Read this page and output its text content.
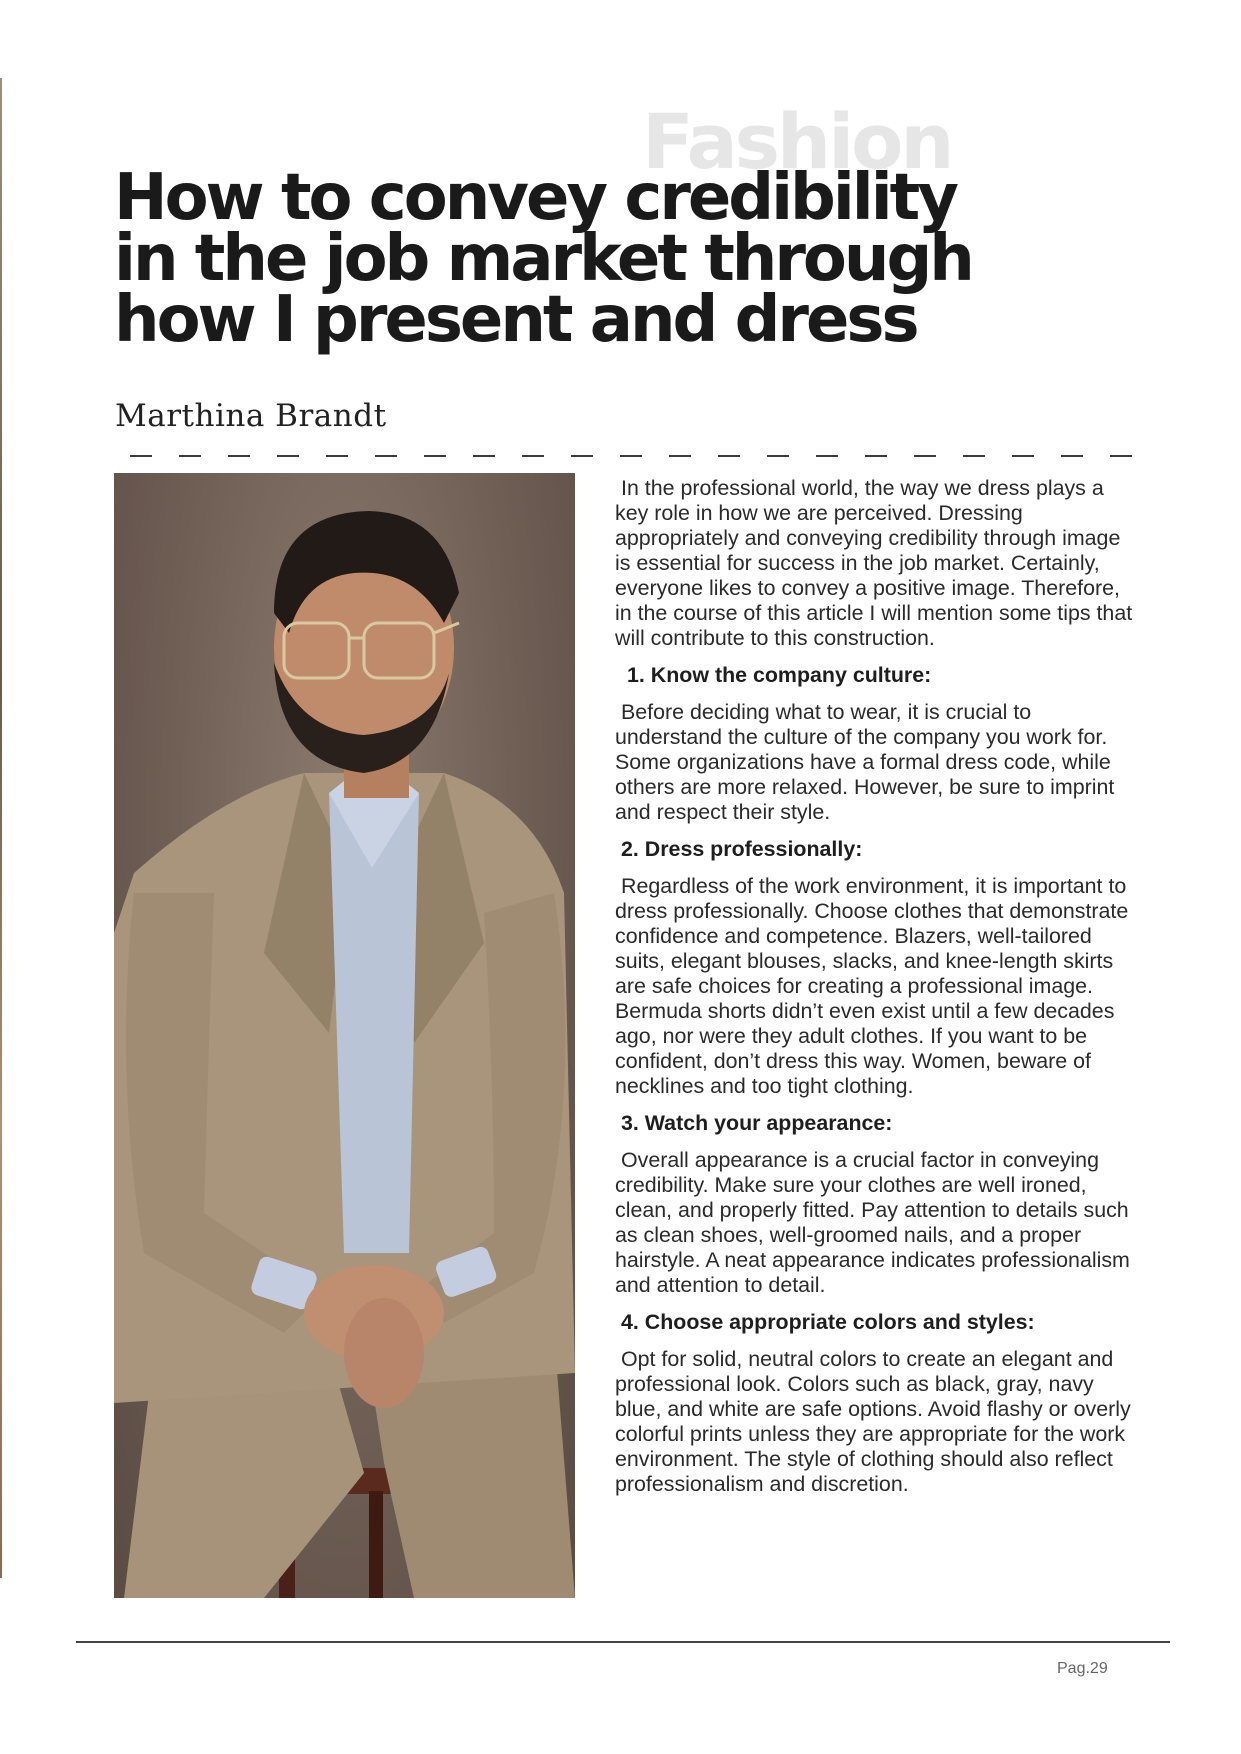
Fashion
How to convey credibility in the job market through how I present and dress

Marthina Brandt

In the professional world, the way we dress plays a key role in how we are perceived. Dressing appropriately and conveying credibility through image is essential for success in the job market. Certainly, everyone likes to convey a positive image. Therefore, in the course of this article I will mention some tips that will contribute to this construction.

1. Know the company culture:

Before deciding what to wear, it is crucial to understand the culture of the company you work for. Some organizations have a formal dress code, while others are more relaxed. However, be sure to imprint and respect their style.

2. Dress professionally:

Regardless of the work environment, it is important to dress professionally. Choose clothes that demonstrate confidence and competence. Blazers, well-tailored suits, elegant blouses, slacks, and knee-length skirts are safe choices for creating a professional image. Bermuda shorts didn’t even exist until a few decades ago, nor were they adult clothes. If you want to be confident, don’t dress this way. Women, beware of necklines and too tight clothing.

3. Watch your appearance:

Overall appearance is a crucial factor in conveying credibility. Make sure your clothes are well ironed, clean, and properly fitted. Pay attention to details such as clean shoes, well-groomed nails, and a proper hairstyle. A neat appearance indicates professionalism and attention to detail.

4. Choose appropriate colors and styles:

Opt for solid, neutral colors to create an elegant and professional look. Colors such as black, gray, navy blue, and white are safe options. Avoid flashy or overly colorful prints unless they are appropriate for the work environment. The style of clothing should also reflect professionalism and discretion.

Pag.29
